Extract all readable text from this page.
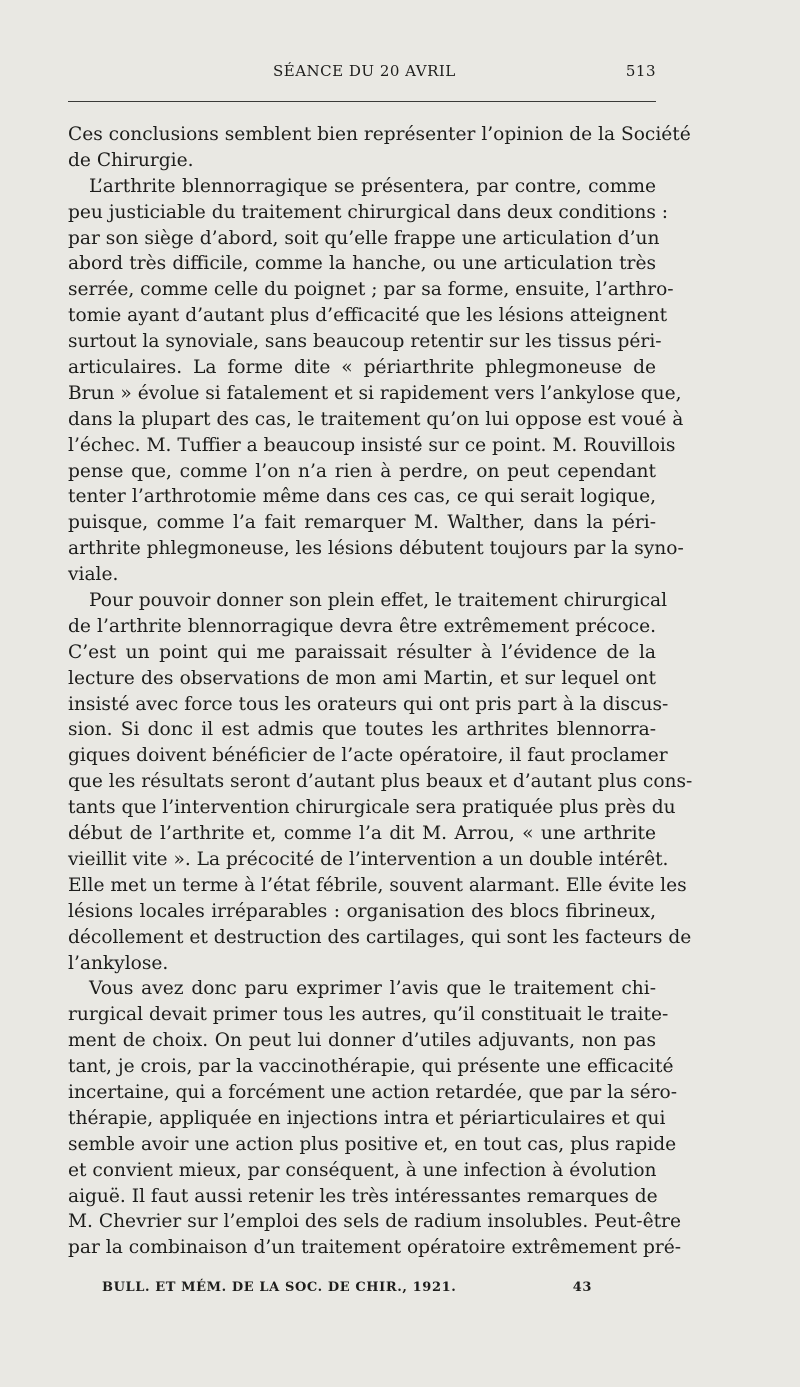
SÉANCE DU 20 AVRIL	513
Ces conclusions semblent bien représenter l’opinion de la Société
de Chirurgie.
L’arthrite blennorragique se présentera, par contre, comme
peu justiciable du traitement chirurgical dans deux conditions :
par son siège d’abord, soit qu’elle frappe une articulation d’un
abord très difficile, comme la hanche, ou une articulation très
serrée, comme celle du poignet ; par sa forme, ensuite, l’arthro-
tomie ayant d’autant plus d’efficacité que les lésions atteignent
surtout la synoviale, sans beaucoup retentir sur les tissus péri-
articulaires. La forme dite « périarthrite phlegmoneuse de
Brun » évolue si fatalement et si rapidement vers l’ankylose que,
dans la plupart des cas, le traitement qu’on lui oppose est voué à
l’échec. M. Tuffier a beaucoup insisté sur ce point. M. Rouvillois
pense que, comme l’on n’a rien à perdre, on peut cependant
tenter l’arthrotomie même dans ces cas, ce qui serait logique,
puisque, comme l’a fait remarquer M. Walther, dans la péri-
arthrite phlegmoneuse, les lésions débutent toujours par la syno-
viale.
Pour pouvoir donner son plein effet, le traitement chirurgical
de l’arthrite blennorragique devra être extrêmement précoce.
C’est un point qui me paraissait résulter à l’évidence de la
lecture des observations de mon ami Martin, et sur lequel ont
insisté avec force tous les orateurs qui ont pris part à la discus-
sion. Si donc il est admis que toutes les arthrites blennorra-
giques doivent bénéficier de l’acte opératoire, il faut proclamer
que les résultats seront d’autant plus beaux et d’autant plus cons-
tants que l’intervention chirurgicale sera pratiquée plus près du
début de l’arthrite et, comme l’a dit M. Arrou, « une arthrite
vieillit vite ». La précocité de l’intervention a un double intérêt.
Elle met un terme à l’état fébrile, souvent alarmant. Elle évite les
lésions locales irréparables : organisation des blocs fibrineux,
décollement et destruction des cartilages, qui sont les facteurs de
l’ankylose.
Vous avez donc paru exprimer l’avis que le traitement chi-
rurgical devait primer tous les autres, qu’il constituait le traite-
ment de choix. On peut lui donner d’utiles adjuvants, non pas
tant, je crois, par la vaccinothérapie, qui présente une efficacité
incertaine, qui a forcément une action retardée, que par la séro-
thérapie, appliquée en injections intra et périarticulaires et qui
semble avoir une action plus positive et, en tout cas, plus rapide
et convient mieux, par conséquent, à une infection à évolution
aiguë. Il faut aussi retenir les très intéressantes remarques de
M. Chevrier sur l’emploi des sels de radium insolubles. Peut-être
par la combinaison d’un traitement opératoire extrêmement pré-
BULL. ET MÉM. DE LA SOC. DE CHIR., 1921.	43
